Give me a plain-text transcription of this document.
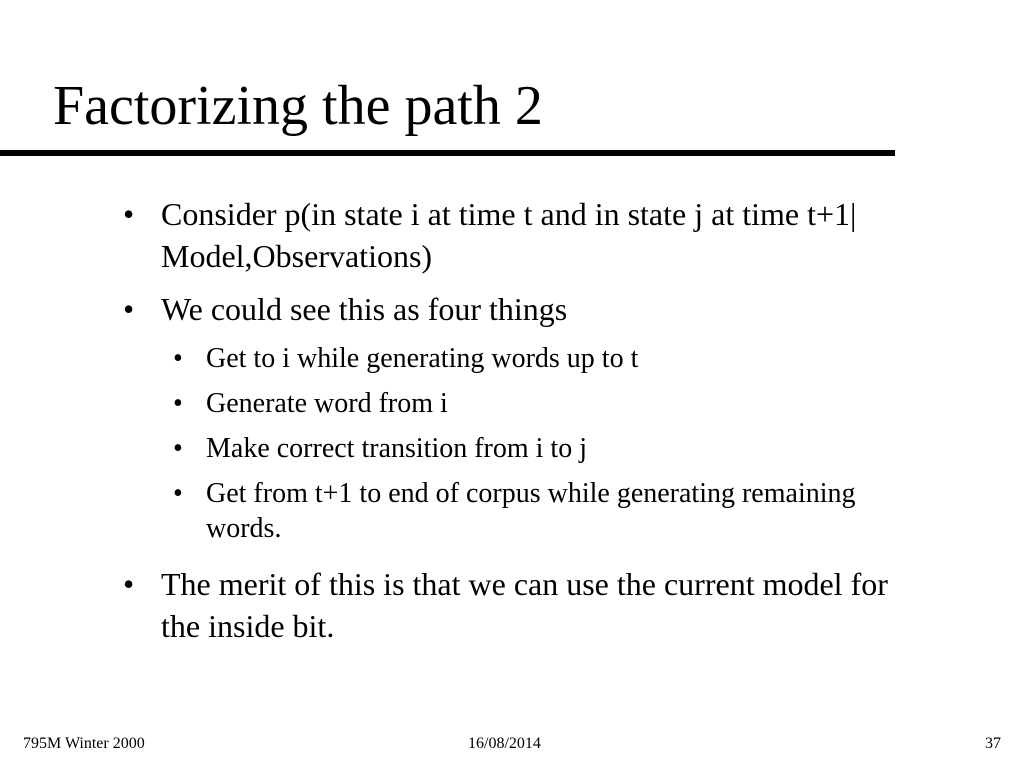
Factorizing the path 2
• Consider p(in state i at time t and in state j at time t+1| Model,Observations)
• We could see this as four things
• Get to i while generating words up to t
• Generate word from i
• Make correct transition from i to j
• Get from t+1 to end of corpus while generating remaining words.
• The merit of this is that we can use the current model for the inside bit.
795M Winter 2000	16/08/2014	37
